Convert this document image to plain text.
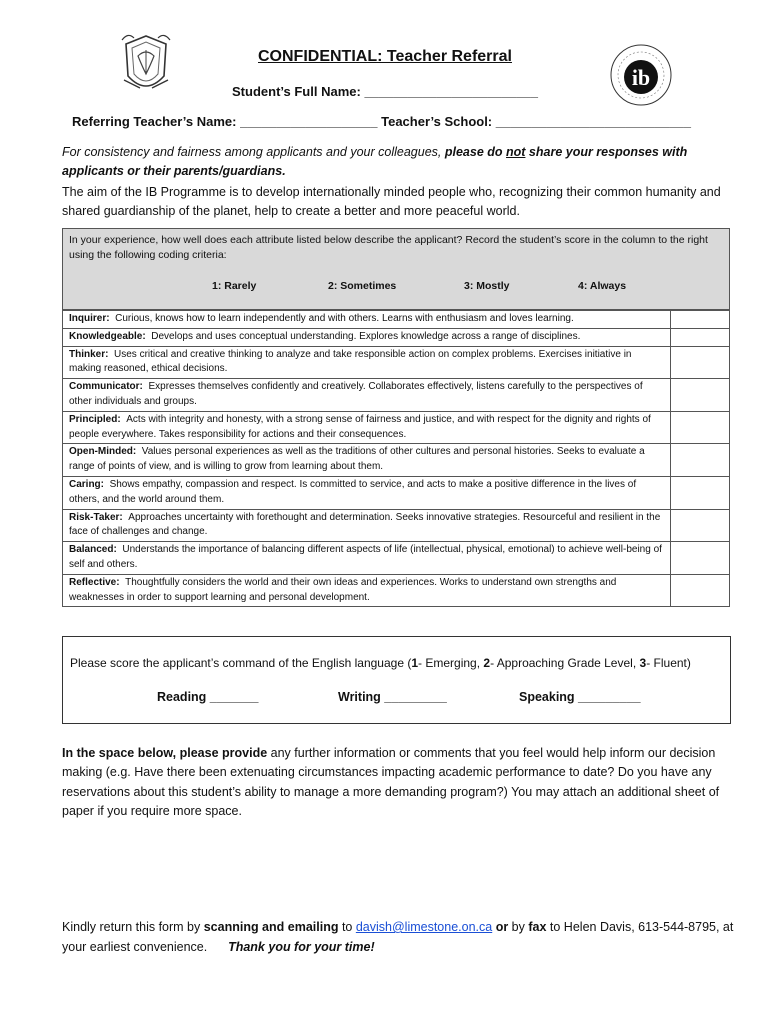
ib
CONFIDENTIAL: Teacher Referral
Student’s Full Name: ________________________
Referring Teacher’s Name: ___________________ Teacher’s School: ___________________________
For consistency and fairness among applicants and your colleagues, please do not share your responses with applicants or their parents/guardians.
The aim of the IB Programme is to develop internationally minded people who, recognizing their common humanity and shared guardianship of the planet, help to create a better and more peaceful world.
In your experience, how well does each attribute listed below describe the applicant? Record the student’s score in the column to the right using the following coding criteria:
1: Rarely	2: Sometimes	3: Mostly	4: Always
Inquirer: Curious, knows how to learn independently and with others. Learns with enthusiasm and loves learning.	
Knowledgeable: Develops and uses conceptual understanding. Explores knowledge across a range of disciplines.	
Thinker: Uses critical and creative thinking to analyze and take responsible action on complex problems. Exercises initiative in making reasoned, ethical decisions.	
Communicator: Expresses themselves confidently and creatively. Collaborates effectively, listens carefully to the perspectives of other individuals and groups.	
Principled: Acts with integrity and honesty, with a strong sense of fairness and justice, and with respect for the dignity and rights of people everywhere. Takes responsibility for actions and their consequences.	
Open-Minded: Values personal experiences as well as the traditions of other cultures and personal histories. Seeks to evaluate a range of points of view, and is willing to grow from learning about them.	
Caring: Shows empathy, compassion and respect. Is committed to service, and acts to make a positive difference in the lives of others, and the world around them.	
Risk-Taker: Approaches uncertainty with forethought and determination. Seeks innovative strategies. Resourceful and resilient in the face of challenges and change.	
Balanced: Understands the importance of balancing different aspects of life (intellectual, physical, emotional) to achieve well-being of self and others.	
Reflective: Thoughtfully considers the world and their own ideas and experiences. Works to understand own strengths and weaknesses in order to support learning and personal development.	
Please score the applicant’s command of the English language (1- Emerging, 2- Approaching Grade Level, 3- Fluent)
Reading _______	Writing _________	Speaking _________
In the space below, please provide any further information or comments that you feel would help inform our decision making (e.g. Have there been extenuating circumstances impacting academic performance to date? Do you have any reservations about this student’s ability to manage a more demanding program?) You may attach an additional sheet of paper if you require more space.
Kindly return this form by scanning and emailing to davish@limestone.on.ca or by fax to Helen Davis, 613-544-8795, at your earliest convenience. Thank you for your time!
